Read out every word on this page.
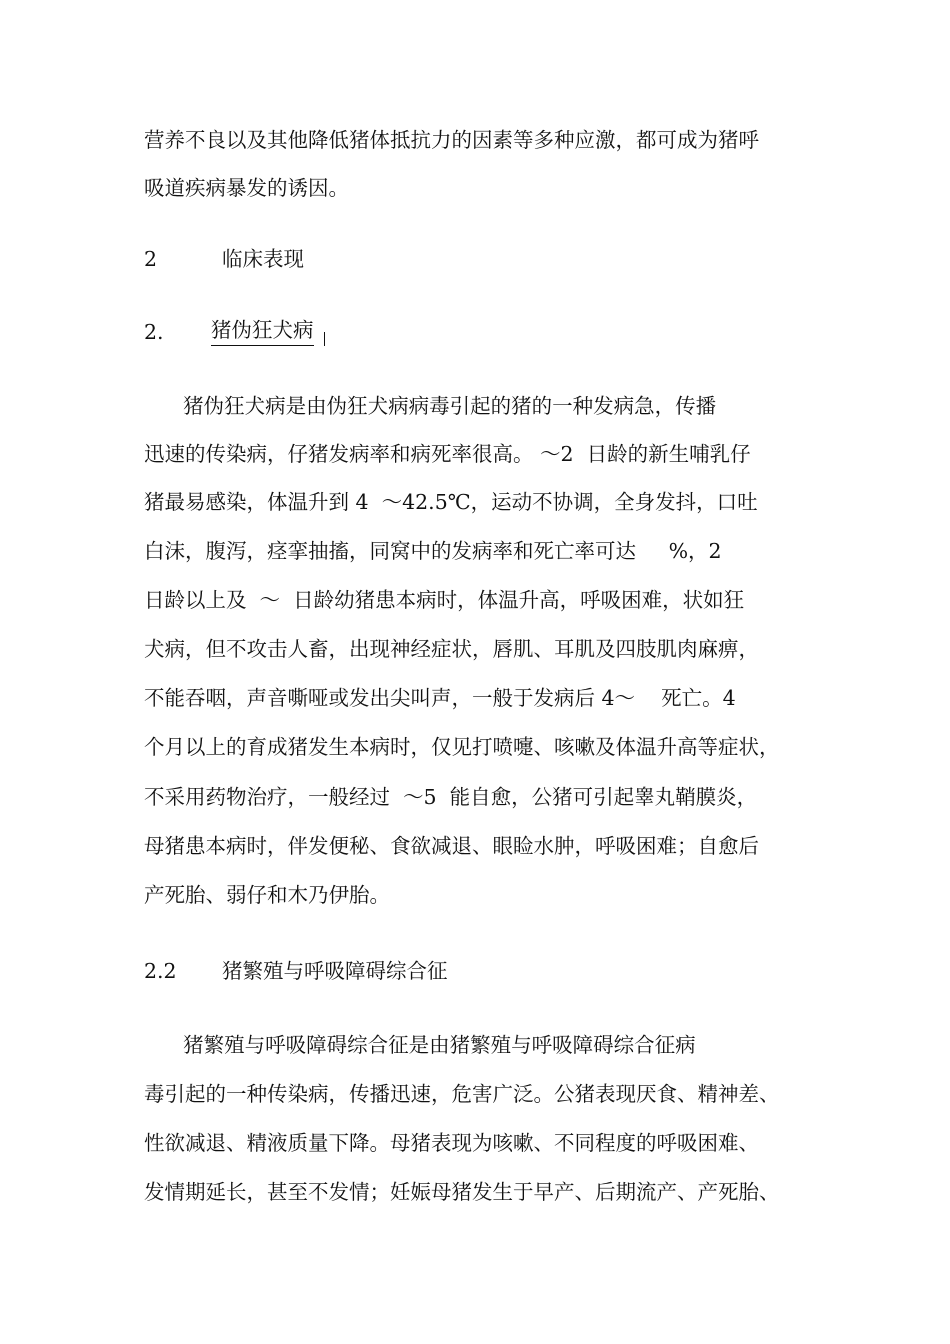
营养不良以及其他降低猪体抵抗力的因素等多种应激，都可成为猪呼
吸道疾病暴发的诱因。
2	临床表现
2. 猪伪狂犬病
猪伪狂犬病是由伪狂犬病病毒引起的猪的一种发病急，传播
迅速的传染病，仔猪发病率和病死率很高。 ～2  日龄的新生哺乳仔
猪最易感染，体温升到 4  ～42.5℃，运动不协调，全身发抖，口吐
白沫，腹泻，痉挛抽搐，同窝中的发病率和死亡率可达     %，2
日龄以上及  ～  日龄幼猪患本病时，体温升高，呼吸困难，状如狂
犬病，但不攻击人畜，出现神经症状，唇肌、耳肌及四肢肌肉麻痹，
不能吞咽，声音嘶哑或发出尖叫声，一般于发病后 4～    死亡。4
个月以上的育成猪发生本病时，仅见打喷嚏、咳嗽及体温升高等症状，
不采用药物治疗，一般经过  ～5  能自愈，公猪可引起睾丸鞘膜炎，
母猪患本病时，伴发便秘、食欲减退、眼睑水肿，呼吸困难；自愈后
产死胎、弱仔和木乃伊胎。
2.2 猪繁殖与呼吸障碍综合征
猪繁殖与呼吸障碍综合征是由猪繁殖与呼吸障碍综合征病
毒引起的一种传染病，传播迅速，危害广泛。公猪表现厌食、精神差、
性欲减退、精液质量下降。母猪表现为咳嗽、不同程度的呼吸困难、
发情期延长，甚至不发情；妊娠母猪发生于早产、后期流产、产死胎、
